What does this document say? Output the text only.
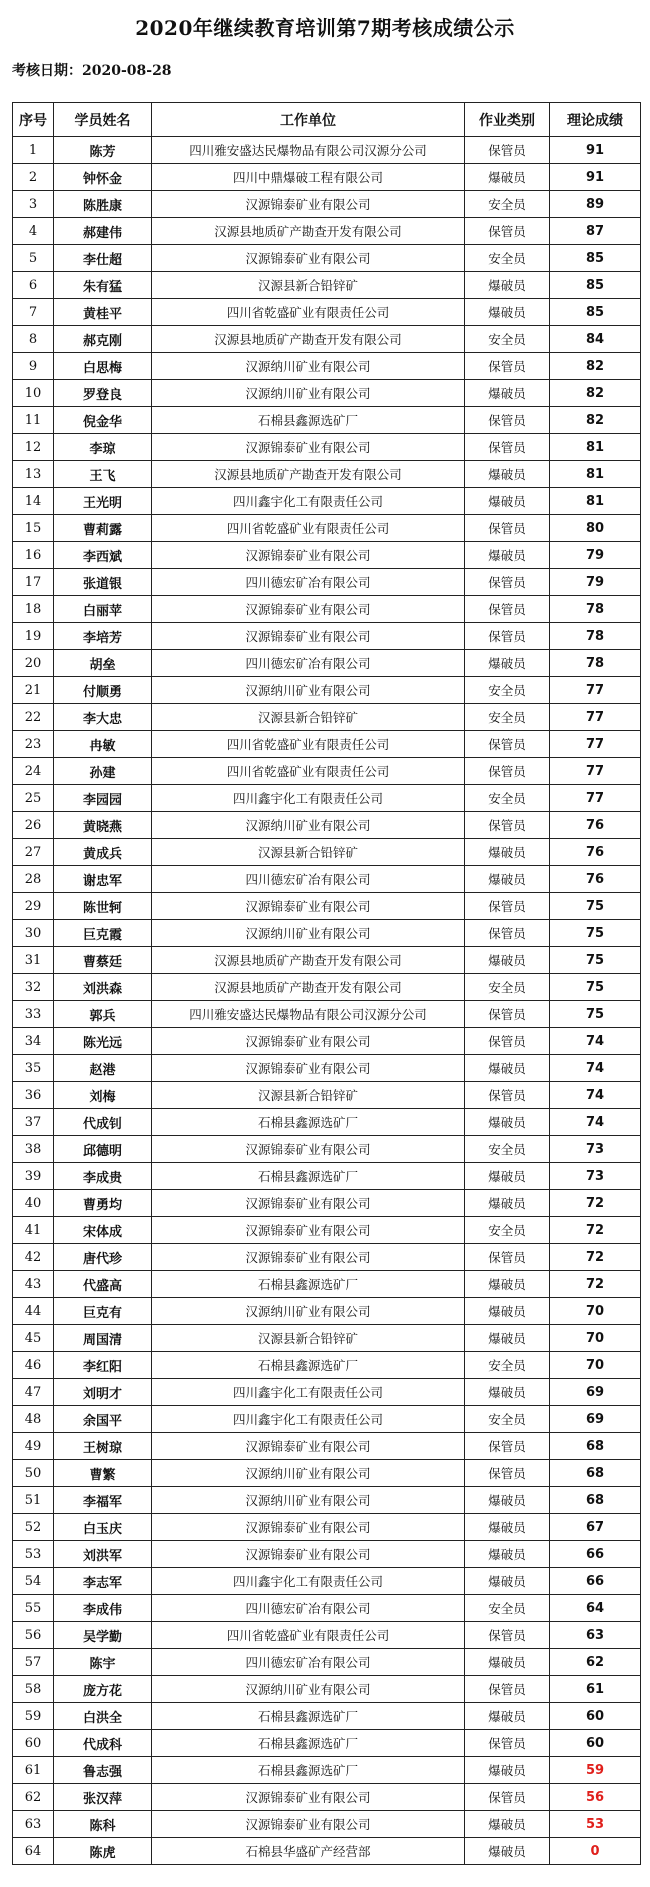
2020年继续教育培训第7期考核成绩公示
考核日期：2020-08-28
序号	学员姓名	工作单位	作业类别	理论成绩
1	陈芳	四川雅安盛达民爆物品有限公司汉源分公司	保管员	91
2	钟怀金	四川中鼎爆破工程有限公司	爆破员	91
3	陈胜康	汉源锦泰矿业有限公司	安全员	89
4	郝建伟	汉源县地质矿产勘查开发有限公司	保管员	87
5	李仕超	汉源锦泰矿业有限公司	安全员	85
6	朱有猛	汉源县新合铅锌矿	爆破员	85
7	黄桂平	四川省乾盛矿业有限责任公司	爆破员	85
8	郝克刚	汉源县地质矿产勘查开发有限公司	安全员	84
9	白思梅	汉源纳川矿业有限公司	保管员	82
10	罗登良	汉源纳川矿业有限公司	爆破员	82
11	倪金华	石棉县鑫源选矿厂	保管员	82
12	李琼	汉源锦泰矿业有限公司	保管员	81
13	王飞	汉源县地质矿产勘查开发有限公司	爆破员	81
14	王光明	四川鑫宇化工有限责任公司	爆破员	81
15	曹莉露	四川省乾盛矿业有限责任公司	保管员	80
16	李西斌	汉源锦泰矿业有限公司	爆破员	79
17	张道银	四川德宏矿冶有限公司	保管员	79
18	白丽苹	汉源锦泰矿业有限公司	保管员	78
19	李培芳	汉源锦泰矿业有限公司	保管员	78
20	胡垒	四川德宏矿冶有限公司	爆破员	78
21	付顺勇	汉源纳川矿业有限公司	安全员	77
22	李大忠	汉源县新合铅锌矿	安全员	77
23	冉敏	四川省乾盛矿业有限责任公司	保管员	77
24	孙建	四川省乾盛矿业有限责任公司	保管员	77
25	李园园	四川鑫宇化工有限责任公司	安全员	77
26	黄晓燕	汉源纳川矿业有限公司	保管员	76
27	黄成兵	汉源县新合铅锌矿	爆破员	76
28	谢忠军	四川德宏矿冶有限公司	爆破员	76
29	陈世轲	汉源锦泰矿业有限公司	保管员	75
30	巨克霞	汉源纳川矿业有限公司	保管员	75
31	曹蔡廷	汉源县地质矿产勘查开发有限公司	爆破员	75
32	刘洪森	汉源县地质矿产勘查开发有限公司	安全员	75
33	郭兵	四川雅安盛达民爆物品有限公司汉源分公司	保管员	75
34	陈光远	汉源锦泰矿业有限公司	保管员	74
35	赵港	汉源锦泰矿业有限公司	爆破员	74
36	刘梅	汉源县新合铅锌矿	保管员	74
37	代成钊	石棉县鑫源选矿厂	爆破员	74
38	邱德明	汉源锦泰矿业有限公司	安全员	73
39	李成贵	石棉县鑫源选矿厂	爆破员	73
40	曹勇均	汉源锦泰矿业有限公司	爆破员	72
41	宋体成	汉源锦泰矿业有限公司	安全员	72
42	唐代珍	汉源锦泰矿业有限公司	保管员	72
43	代盛高	石棉县鑫源选矿厂	爆破员	72
44	巨克有	汉源纳川矿业有限公司	爆破员	70
45	周国清	汉源县新合铅锌矿	爆破员	70
46	李红阳	石棉县鑫源选矿厂	安全员	70
47	刘明才	四川鑫宇化工有限责任公司	爆破员	69
48	余国平	四川鑫宇化工有限责任公司	安全员	69
49	王树琼	汉源锦泰矿业有限公司	保管员	68
50	曹繁	汉源纳川矿业有限公司	保管员	68
51	李福军	汉源纳川矿业有限公司	爆破员	68
52	白玉庆	汉源锦泰矿业有限公司	爆破员	67
53	刘洪军	汉源锦泰矿业有限公司	爆破员	66
54	李志军	四川鑫宇化工有限责任公司	爆破员	66
55	李成伟	四川德宏矿冶有限公司	安全员	64
56	吴学勤	四川省乾盛矿业有限责任公司	保管员	63
57	陈宇	四川德宏矿冶有限公司	爆破员	62
58	庞方花	汉源纳川矿业有限公司	保管员	61
59	白洪全	石棉县鑫源选矿厂	爆破员	60
60	代成科	石棉县鑫源选矿厂	保管员	60
61	鲁志强	石棉县鑫源选矿厂	爆破员	59
62	张汉萍	汉源锦泰矿业有限公司	保管员	56
63	陈科	汉源锦泰矿业有限公司	爆破员	53
64	陈虎	石棉县华盛矿产经营部	爆破员	0
